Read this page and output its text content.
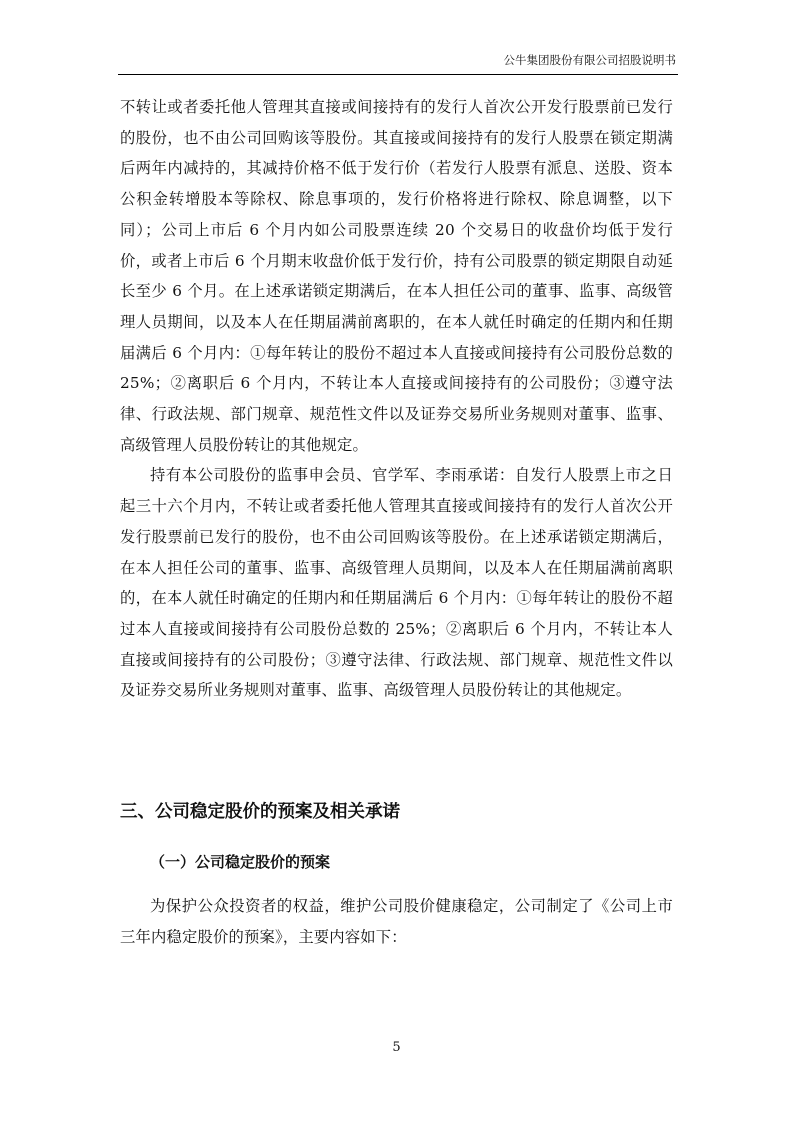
公牛集团股份有限公司招股说明书

不转让或者委托他人管理其直接或间接持有的发行人首次公开发行股票前已发行的股份，也不由公司回购该等股份。其直接或间接持有的发行人股票在锁定期满后两年内减持的，其减持价格不低于发行价（若发行人股票有派息、送股、资本公积金转增股本等除权、除息事项的，发行价格将进行除权、除息调整，以下同）；公司上市后 6 个月内如公司股票连续 20 个交易日的收盘价均低于发行价，或者上市后 6 个月期末收盘价低于发行价，持有公司股票的锁定期限自动延长至少 6 个月。在上述承诺锁定期满后，在本人担任公司的董事、监事、高级管理人员期间，以及本人在任期届满前离职的，在本人就任时确定的任期内和任期届满后 6 个月内：①每年转让的股份不超过本人直接或间接持有公司股份总数的 25%；②离职后 6 个月内，不转让本人直接或间接持有的公司股份；③遵守法律、行政法规、部门规章、规范性文件以及证券交易所业务规则对董事、监事、高级管理人员股份转让的其他规定。

持有本公司股份的监事申会员、官学军、李雨承诺：自发行人股票上市之日起三十六个月内，不转让或者委托他人管理其直接或间接持有的发行人首次公开发行股票前已发行的股份，也不由公司回购该等股份。在上述承诺锁定期满后，在本人担任公司的董事、监事、高级管理人员期间，以及本人在任期届满前离职的，在本人就任时确定的任期内和任期届满后 6 个月内：①每年转让的股份不超过本人直接或间接持有公司股份总数的 25%；②离职后 6 个月内，不转让本人直接或间接持有的公司股份；③遵守法律、行政法规、部门规章、规范性文件以及证券交易所业务规则对董事、监事、高级管理人员股份转让的其他规定。

三、公司稳定股价的预案及相关承诺
（一）公司稳定股价的预案

为保护公众投资者的权益，维护公司股价健康稳定，公司制定了《公司上市三年内稳定股价的预案》，主要内容如下：

5
